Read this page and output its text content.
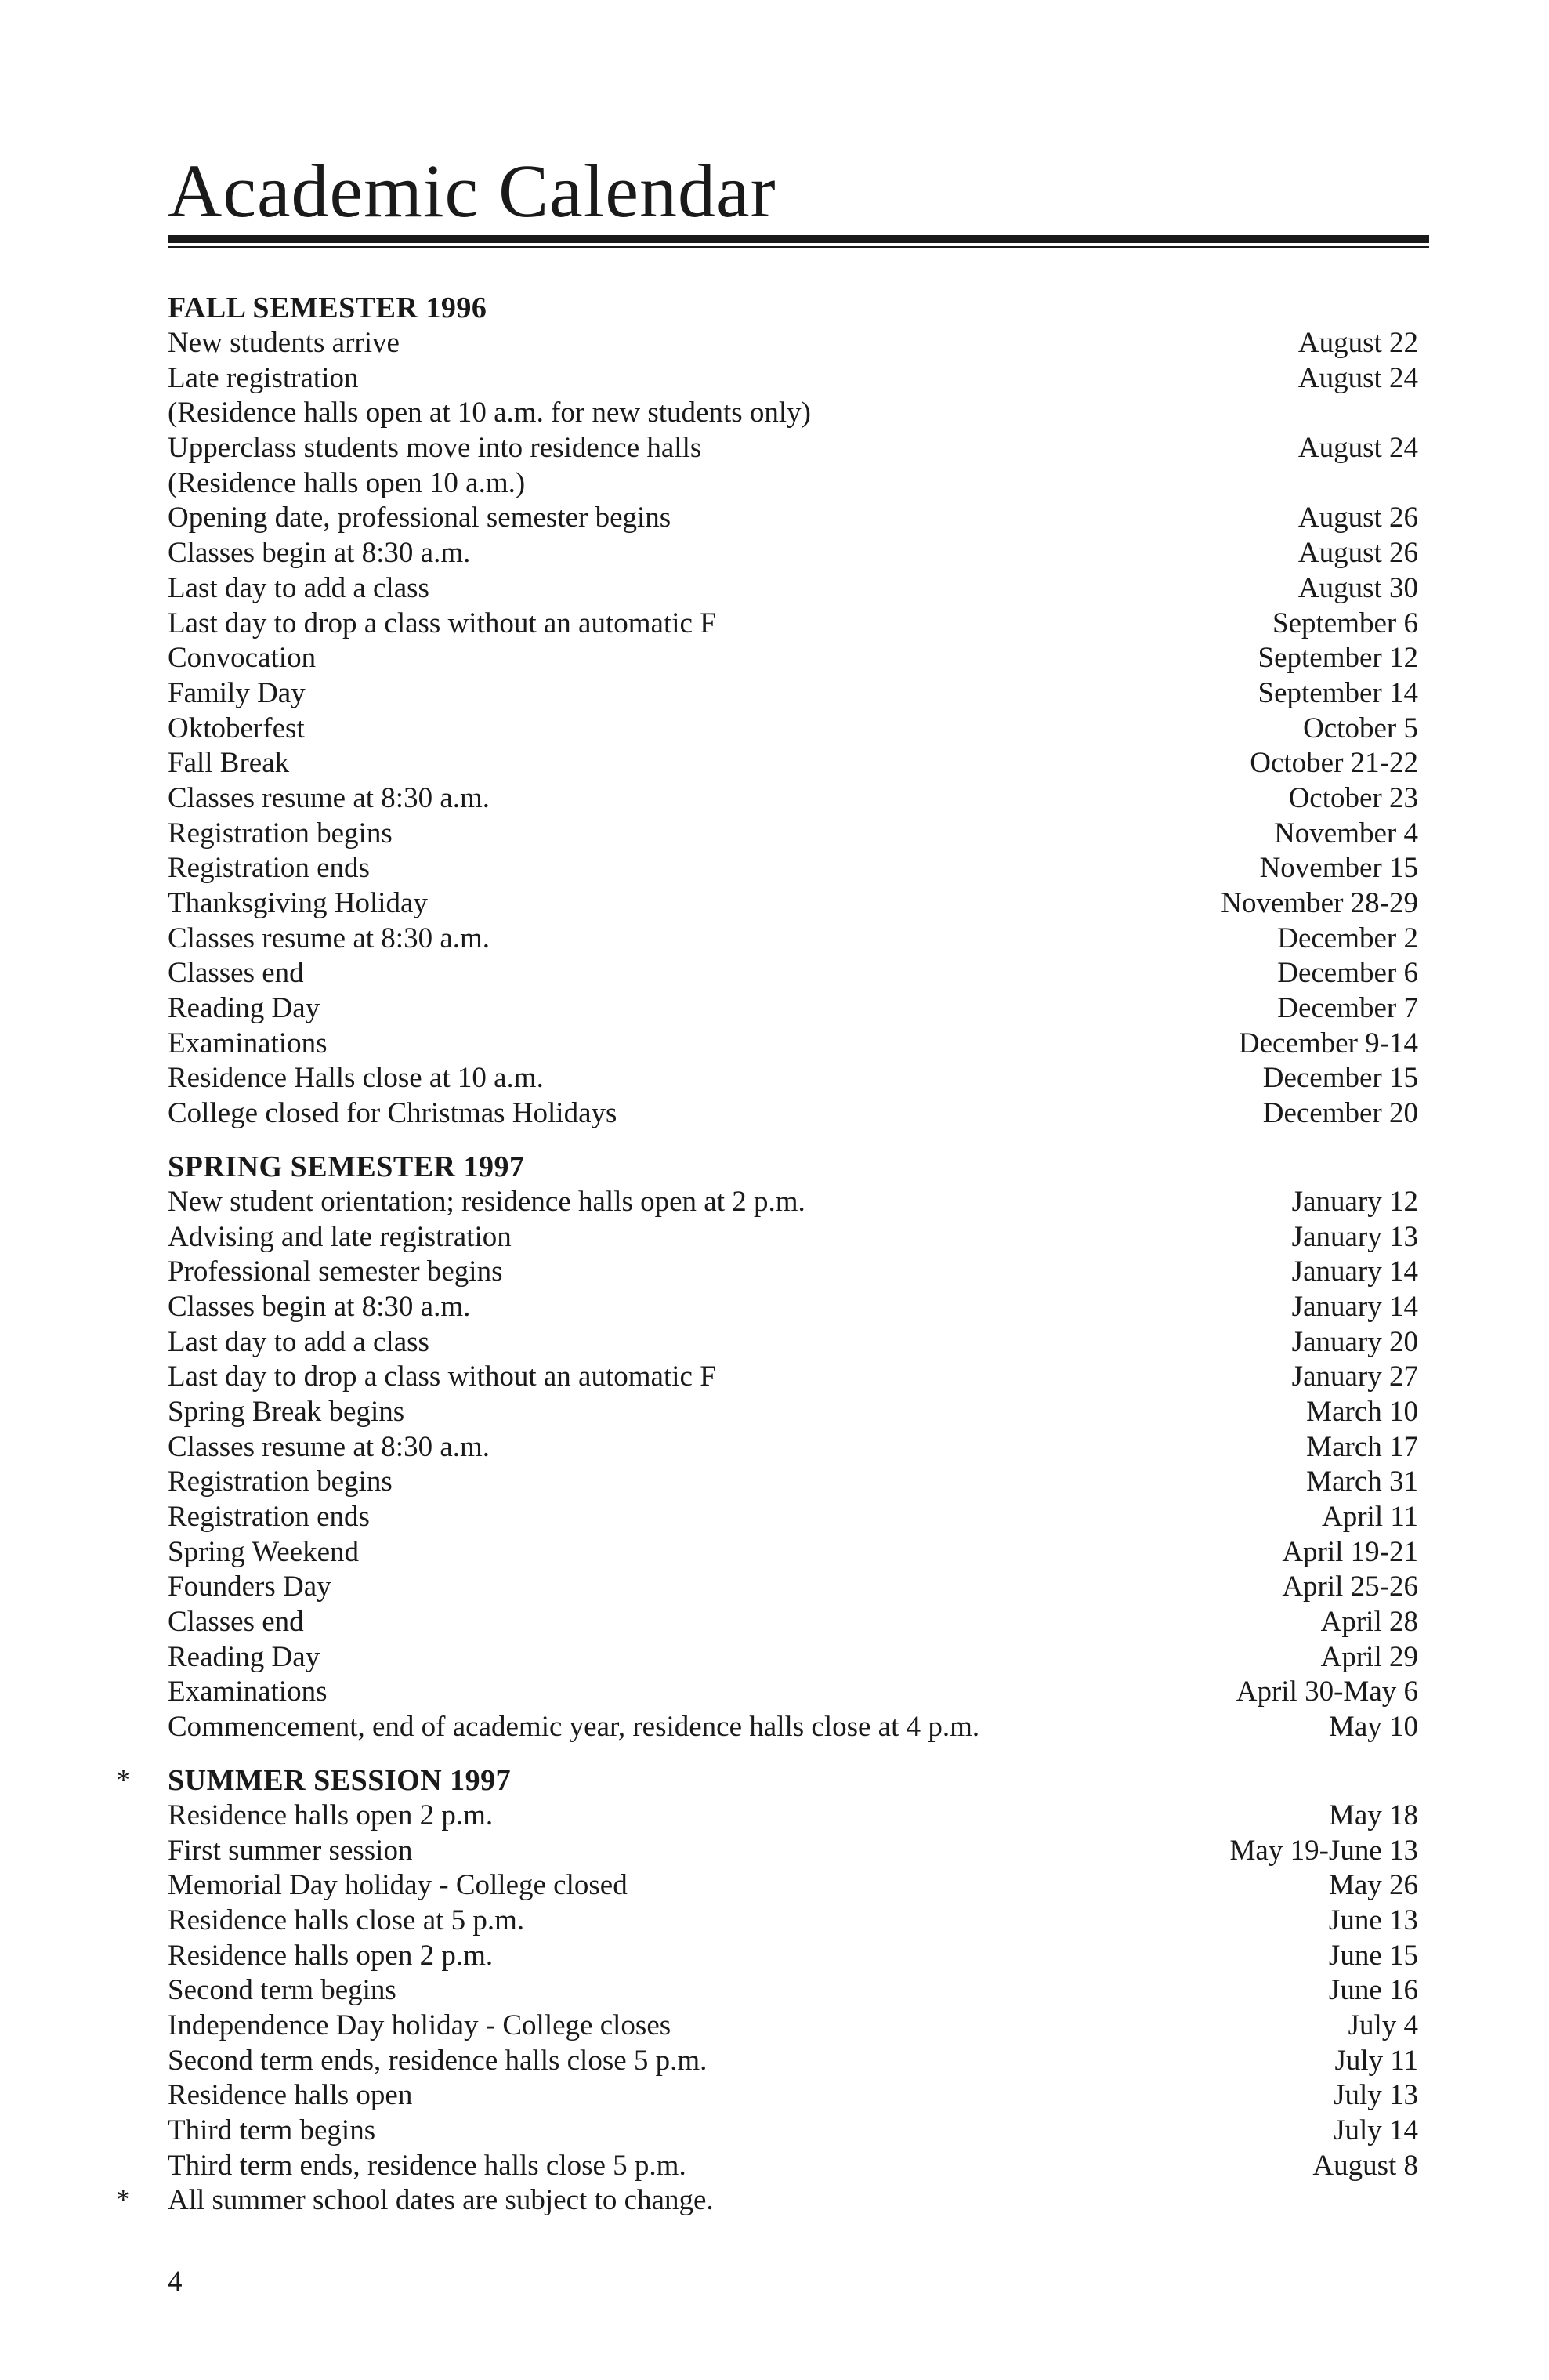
Academic Calendar
FALL SEMESTER 1996
New students arrive	August 22
Late registration	August 24
(Residence halls open at 10 a.m. for new students only)
Upperclass students move into residence halls	August 24
(Residence halls open 10 a.m.)
Opening date, professional semester begins	August 26
Classes begin at 8:30 a.m.	August 26
Last day to add a class	August 30
Last day to drop a class without an automatic F	September 6
Convocation	September 12
Family Day	September 14
Oktoberfest	October 5
Fall Break	October 21-22
Classes resume at 8:30 a.m.	October 23
Registration begins	November 4
Registration ends	November 15
Thanksgiving Holiday	November 28-29
Classes resume at 8:30 a.m.	December 2
Classes end	December 6
Reading Day	December 7
Examinations	December 9-14
Residence Halls close at 10 a.m.	December 15
College closed for Christmas Holidays	December 20
SPRING SEMESTER 1997
New student orientation; residence halls open at 2 p.m.	January 12
Advising and late registration	January 13
Professional semester begins	January 14
Classes begin at 8:30 a.m.	January 14
Last day to add a class	January 20
Last day to drop a class without an automatic F	January 27
Spring Break begins	March 10
Classes resume at 8:30 a.m.	March 17
Registration begins	March 31
Registration ends	April 11
Spring Weekend	April 19-21
Founders Day	April 25-26
Classes end	April 28
Reading Day	April 29
Examinations	April 30-May 6
Commencement, end of academic year, residence halls close at 4 p.m.	May 10
* SUMMER SESSION 1997
Residence halls open 2 p.m.	May 18
First summer session	May 19-June 13
Memorial Day holiday - College closed	May 26
Residence halls close at 5 p.m.	June 13
Residence halls open 2 p.m.	June 15
Second term begins	June 16
Independence Day holiday - College closes	July 4
Second term ends, residence halls close 5 p.m.	July 11
Residence halls open	July 13
Third term begins	July 14
Third term ends, residence halls close 5 p.m.	August 8
* All summer school dates are subject to change.
4
